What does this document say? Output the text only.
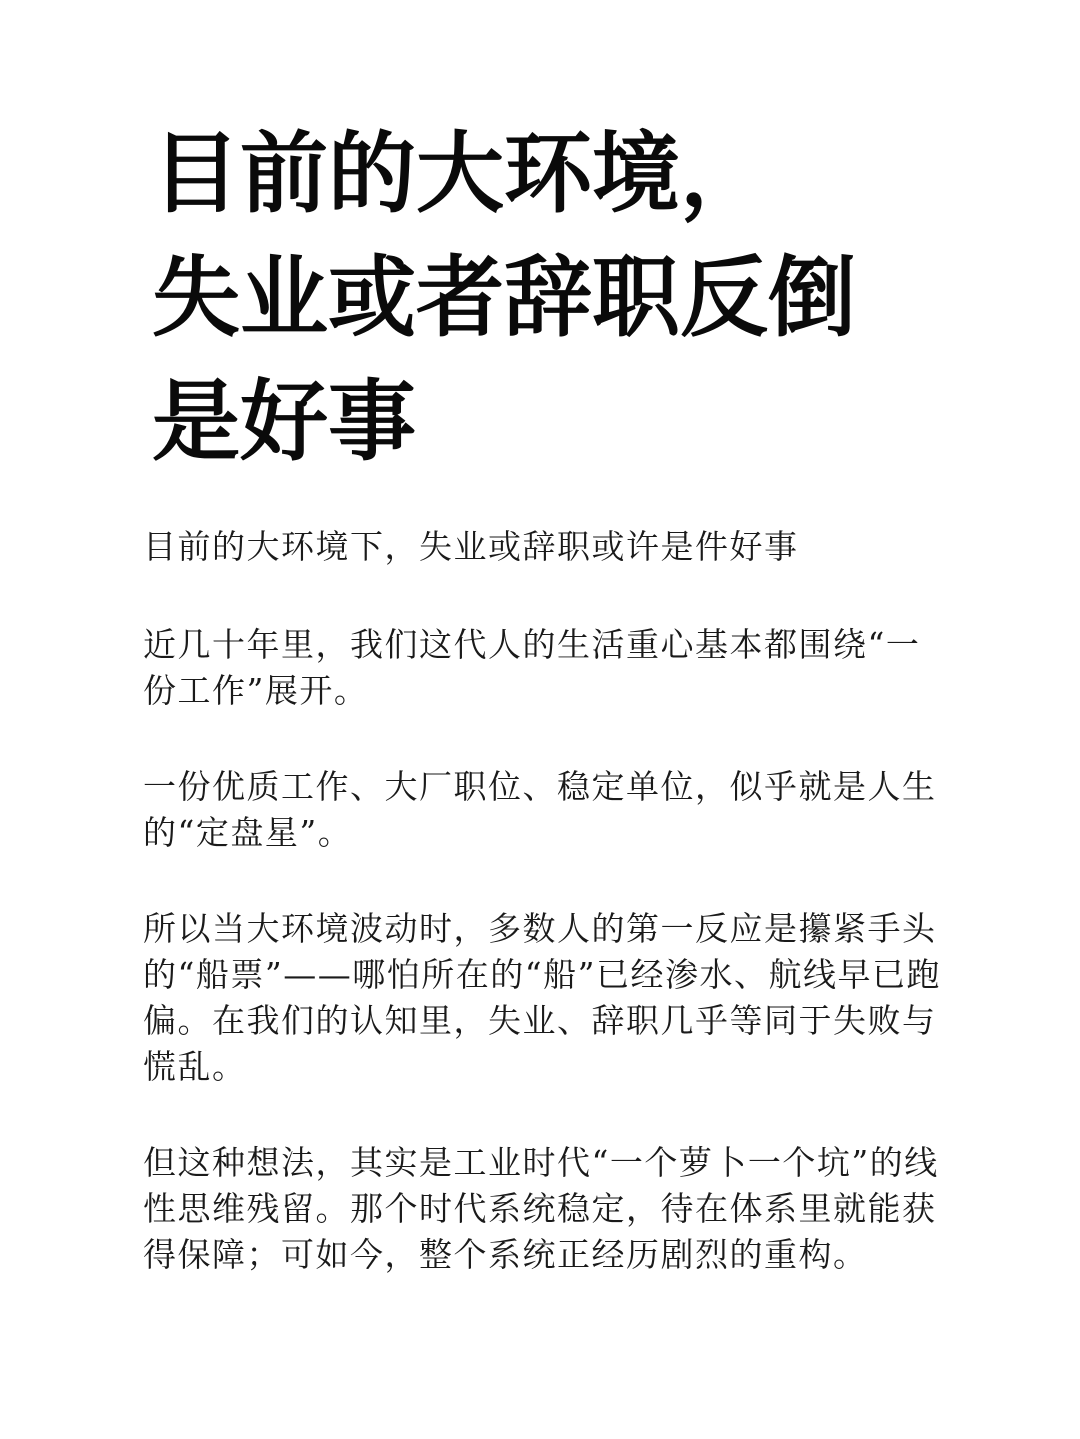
目前的大环境，
失业或者辞职反倒
是好事

目前的大环境下，失业或辞职或许是件好事

近几十年里，我们这代人的生活重心基本都围绕“一份工作”展开。

一份优质工作、大厂职位、稳定单位，似乎就是人生的“定盘星”。

所以当大环境波动时，多数人的第一反应是攥紧手头的“船票”——哪怕所在的“船”已经渗水、航线早已跑偏。在我们的认知里，失业、辞职几乎等同于失败与慌乱。

但这种想法，其实是工业时代“一个萝卜一个坑”的线性思维残留。那个时代系统稳定，待在体系里就能获得保障；可如今，整个系统正经历剧烈的重构。
